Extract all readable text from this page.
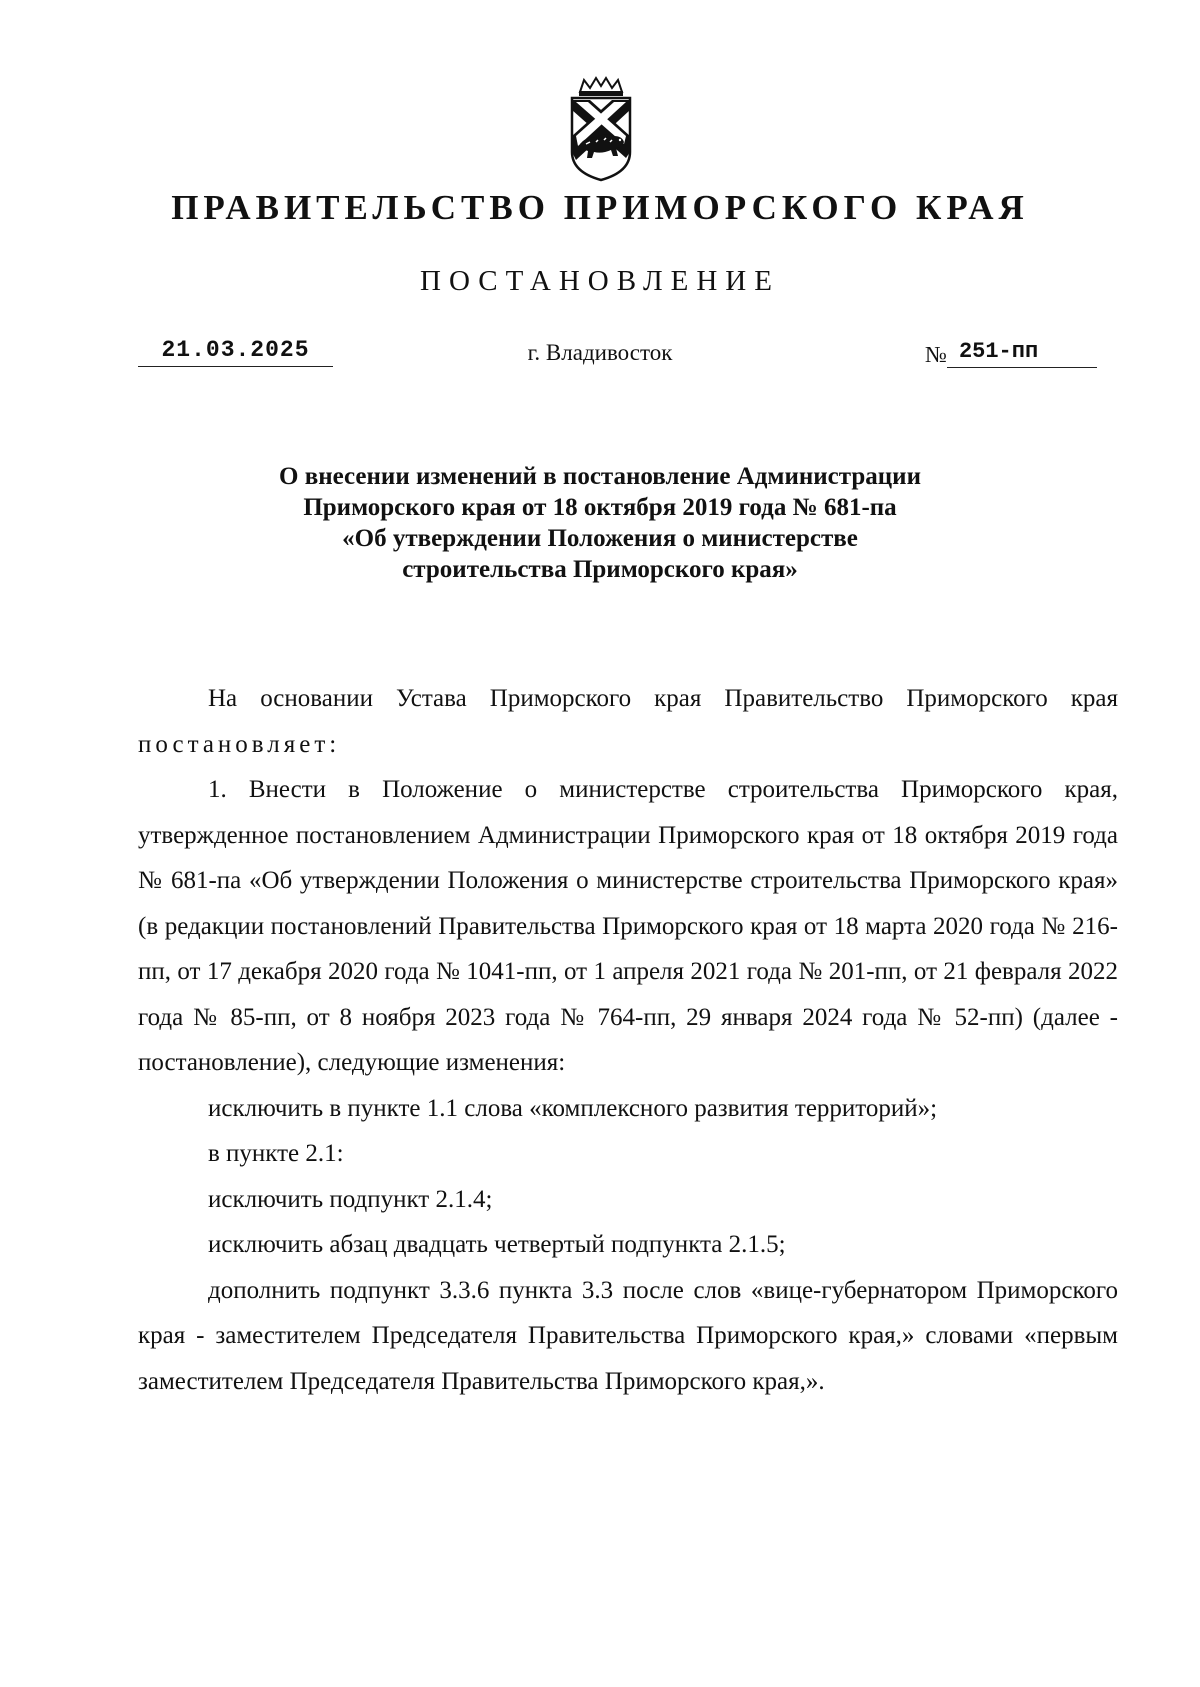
ПРАВИТЕЛЬСТВО ПРИМОРСКОГО КРАЯ
ПОСТАНОВЛЕНИЕ
21.03.2025	г. Владивосток	№ 251-пп
О внесении изменений в постановление Администрации
Приморского края от 18 октября 2019 года № 681-па
«Об утверждении Положения о министерстве
строительства Приморского края»

На основании Устава Приморского края Правительство Приморского края постановляет:

1. Внести в Положение о министерстве строительства Приморского края, утвержденное постановлением Администрации Приморского края от 18 октября 2019 года № 681-па «Об утверждении Положения о министерстве строительства Приморского края» (в редакции постановлений Правительства Приморского края от 18 марта 2020 года № 216-пп, от 17 декабря 2020 года № 1041-пп, от 1 апреля 2021 года № 201-пп, от 21 февраля 2022 года № 85-пп, от 8 ноября 2023 года № 764-пп, 29 января 2024 года № 52-пп) (далее - постановление), следующие изменения:

исключить в пункте 1.1 слова «комплексного развития территорий»;

в пункте 2.1:

исключить подпункт 2.1.4;

исключить абзац двадцать четвертый подпункта 2.1.5;

дополнить подпункт 3.3.6 пункта 3.3 после слов «вице-губернатором Приморского края - заместителем Председателя Правительства Приморского края,» словами «первым заместителем Председателя Правительства Приморского края,».
